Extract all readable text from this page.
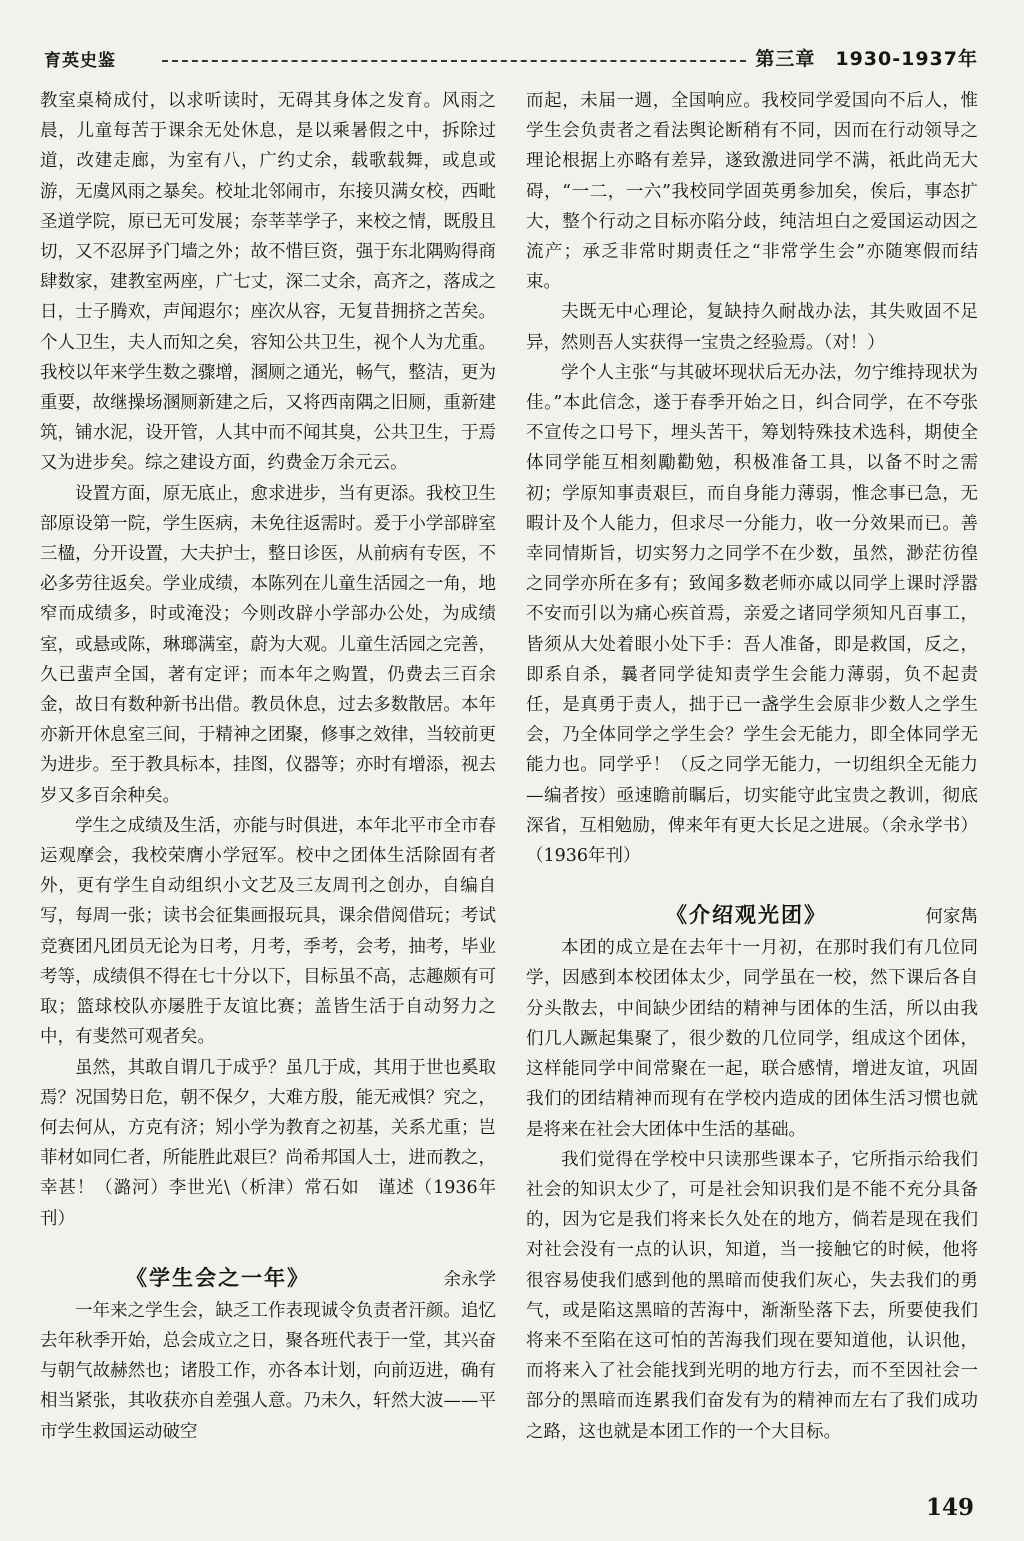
育英史鉴	第三章　1930-1937年

教室桌椅成付，以求听读时，无碍其身体之发育。风雨之晨，儿童每苦于课余无处休息，是以乘暑假之中，拆除过道，改建走廊，为室有八，广约丈余，载歌载舞，或息或游，无虞风雨之暴矣。校址北邻闹市，东接贝满女校，西毗圣道学院，原已无可发展；奈莘莘学子，来校之情，既殷且切，又不忍屏予门墙之外；故不惜巨资，强于东北隅购得商肆数家，建教室两座，广七丈，深二丈余，高齐之，落成之日，士子腾欢，声闻遐尔；座次从容，无复昔拥挤之苦矣。个人卫生，夫人而知之矣，容知公共卫生，视个人为尤重。我校以年来学生数之骤增，溷厕之通光，畅气，整洁，更为重要，故继操场溷厕新建之后，又将西南隅之旧厕，重新建筑，铺水泥，设开管，人其中而不闻其臭，公共卫生，于焉又为进步矣。综之建设方面，约费金万余元云。

设置方面，原无底止，愈求进步，当有更添。我校卫生部原设第一院，学生医病，未免往返需时。爰于小学部辟室三楹，分开设置，大夫护士，整日诊医，从前病有专医，不必多劳往返矣。学业成绩，本陈列在儿童生活园之一角，地窄而成绩多，时或淹没；今则改辟小学部办公处，为成绩室，或悬或陈，琳瑯满室，蔚为大观。儿童生活园之完善，久已蜚声全国，著有定评；而本年之购置，仍费去三百余金，故日有数种新书出借。教员休息，过去多数散居。本年亦新开休息室三间，于精神之团聚，修事之效律，当较前更为进步。至于教具标本，挂图，仪器等；亦时有增添，视去岁又多百余种矣。

学生之成绩及生活，亦能与时俱进，本年北平市全市春运观摩会，我校荣膺小学冠军。校中之团体生活除固有者外，更有学生自动组织小文艺及三友周刊之创办，自编自写，每周一张；读书会征集画报玩具，课余借阅借玩；考试竞赛团凡团员无论为日考，月考，季考，会考，抽考，毕业考等，成绩俱不得在七十分以下，目标虽不高，志趣颇有可取；篮球校队亦屡胜于友谊比赛；盖皆生活于自动努力之中，有斐然可观者矣。

虽然，其敢自谓几于成乎？虽几于成，其用于世也奚取焉？况国势日危，朝不保夕，大难方殷，能无戒惧？究之，何去何从，方克有济；矧小学为教育之初基，关系尤重；岂菲材如同仁者，所能胜此艰巨？尚希邦国人士，进而教之，幸甚！（潞河）李世光\（析津）常石如　谨述（1936年刊）

《学生会之一年》	余永学

一年来之学生会，缺乏工作表现诚令负责者汗颜。追忆去年秋季开始，总会成立之日，聚各班代表于一堂，其兴奋与朝气故赫然也；诸股工作，亦各本计划，向前迈进，确有相当紧张，其收获亦自差强人意。乃未久，轩然大波——平市学生救国运动破空

而起，未届一週，全国响应。我校同学爱国向不后人，惟学生会负责者之看法舆论断稍有不同，因而在行动领导之理论根据上亦略有差异，遂致激进同学不满，祇此尚无大碍，“一二，一六”我校同学固英勇参加矣，俟后，事态扩大，整个行动之目标亦陷分歧，纯洁坦白之爱国运动因之流产；承乏非常时期责任之“非常学生会”亦随寒假而结束。

夫既无中心理论，复缺持久耐战办法，其失败固不足异，然则吾人实获得一宝贵之经验焉。（对！）

学个人主张“与其破坏现状后无办法，勿宁维持现状为佳。”本此信念，遂于春季开始之日，纠合同学，在不夸张不宣传之口号下，埋头苦干，筹划特殊技术选科，期使全体同学能互相刻勵勸勉，积极准备工具，以备不时之需初；学原知事责艰巨，而自身能力薄弱，惟念事已急，无暇计及个人能力，但求尽一分能力，收一分效果而已。善幸同情斯旨，切实努力之同学不在少数，虽然，渺茫彷徨之同学亦所在多有；致闻多数老师亦咸以同学上课时浮嚣不安而引以为痛心疾首焉，亲爱之诸同学须知凡百事工，皆须从大处着眼小处下手：吾人准备，即是救国，反之，即系自杀，曩者同学徒知责学生会能力薄弱，负不起责任，是真勇于责人，拙于已一盏学生会原非少数人之学生会，乃全体同学之学生会？学生会无能力，即全体同学无能力也。同学乎！（反之同学无能力，一切组织全无能力—编者按）亟速瞻前瞩后，切实能守此宝贵之教训，彻底深省，互相勉励，俾来年有更大长足之进展。（余永学书）（1936年刊）

《介绍观光团》	何家雋

本团的成立是在去年十一月初，在那时我们有几位同学，因感到本校团体太少，同学虽在一校，然下课后各自分头散去，中间缺少团结的精神与团体的生活，所以由我们几人蹶起集聚了，很少数的几位同学，组成这个团体，这样能同学中间常聚在一起，联合感情，增进友谊，巩固我们的团结精神而现有在学校内造成的团体生活习惯也就是将来在社会大团体中生活的基础。

我们觉得在学校中只读那些课本子，它所指示给我们社会的知识太少了，可是社会知识我们是不能不充分具备的，因为它是我们将来长久处在的地方，倘若是现在我们对社会没有一点的认识，知道，当一接触它的时候，他将很容易使我们感到他的黑暗而使我们灰心，失去我们的勇气，或是陷这黑暗的苦海中，渐渐坠落下去，所要使我们将来不至陷在这可怕的苦海我们现在要知道他，认识他，而将来入了社会能找到光明的地方行去，而不至因社会一部分的黑暗而连累我们奋发有为的精神而左右了我们成功之路，这也就是本团工作的一个大目标。

149
